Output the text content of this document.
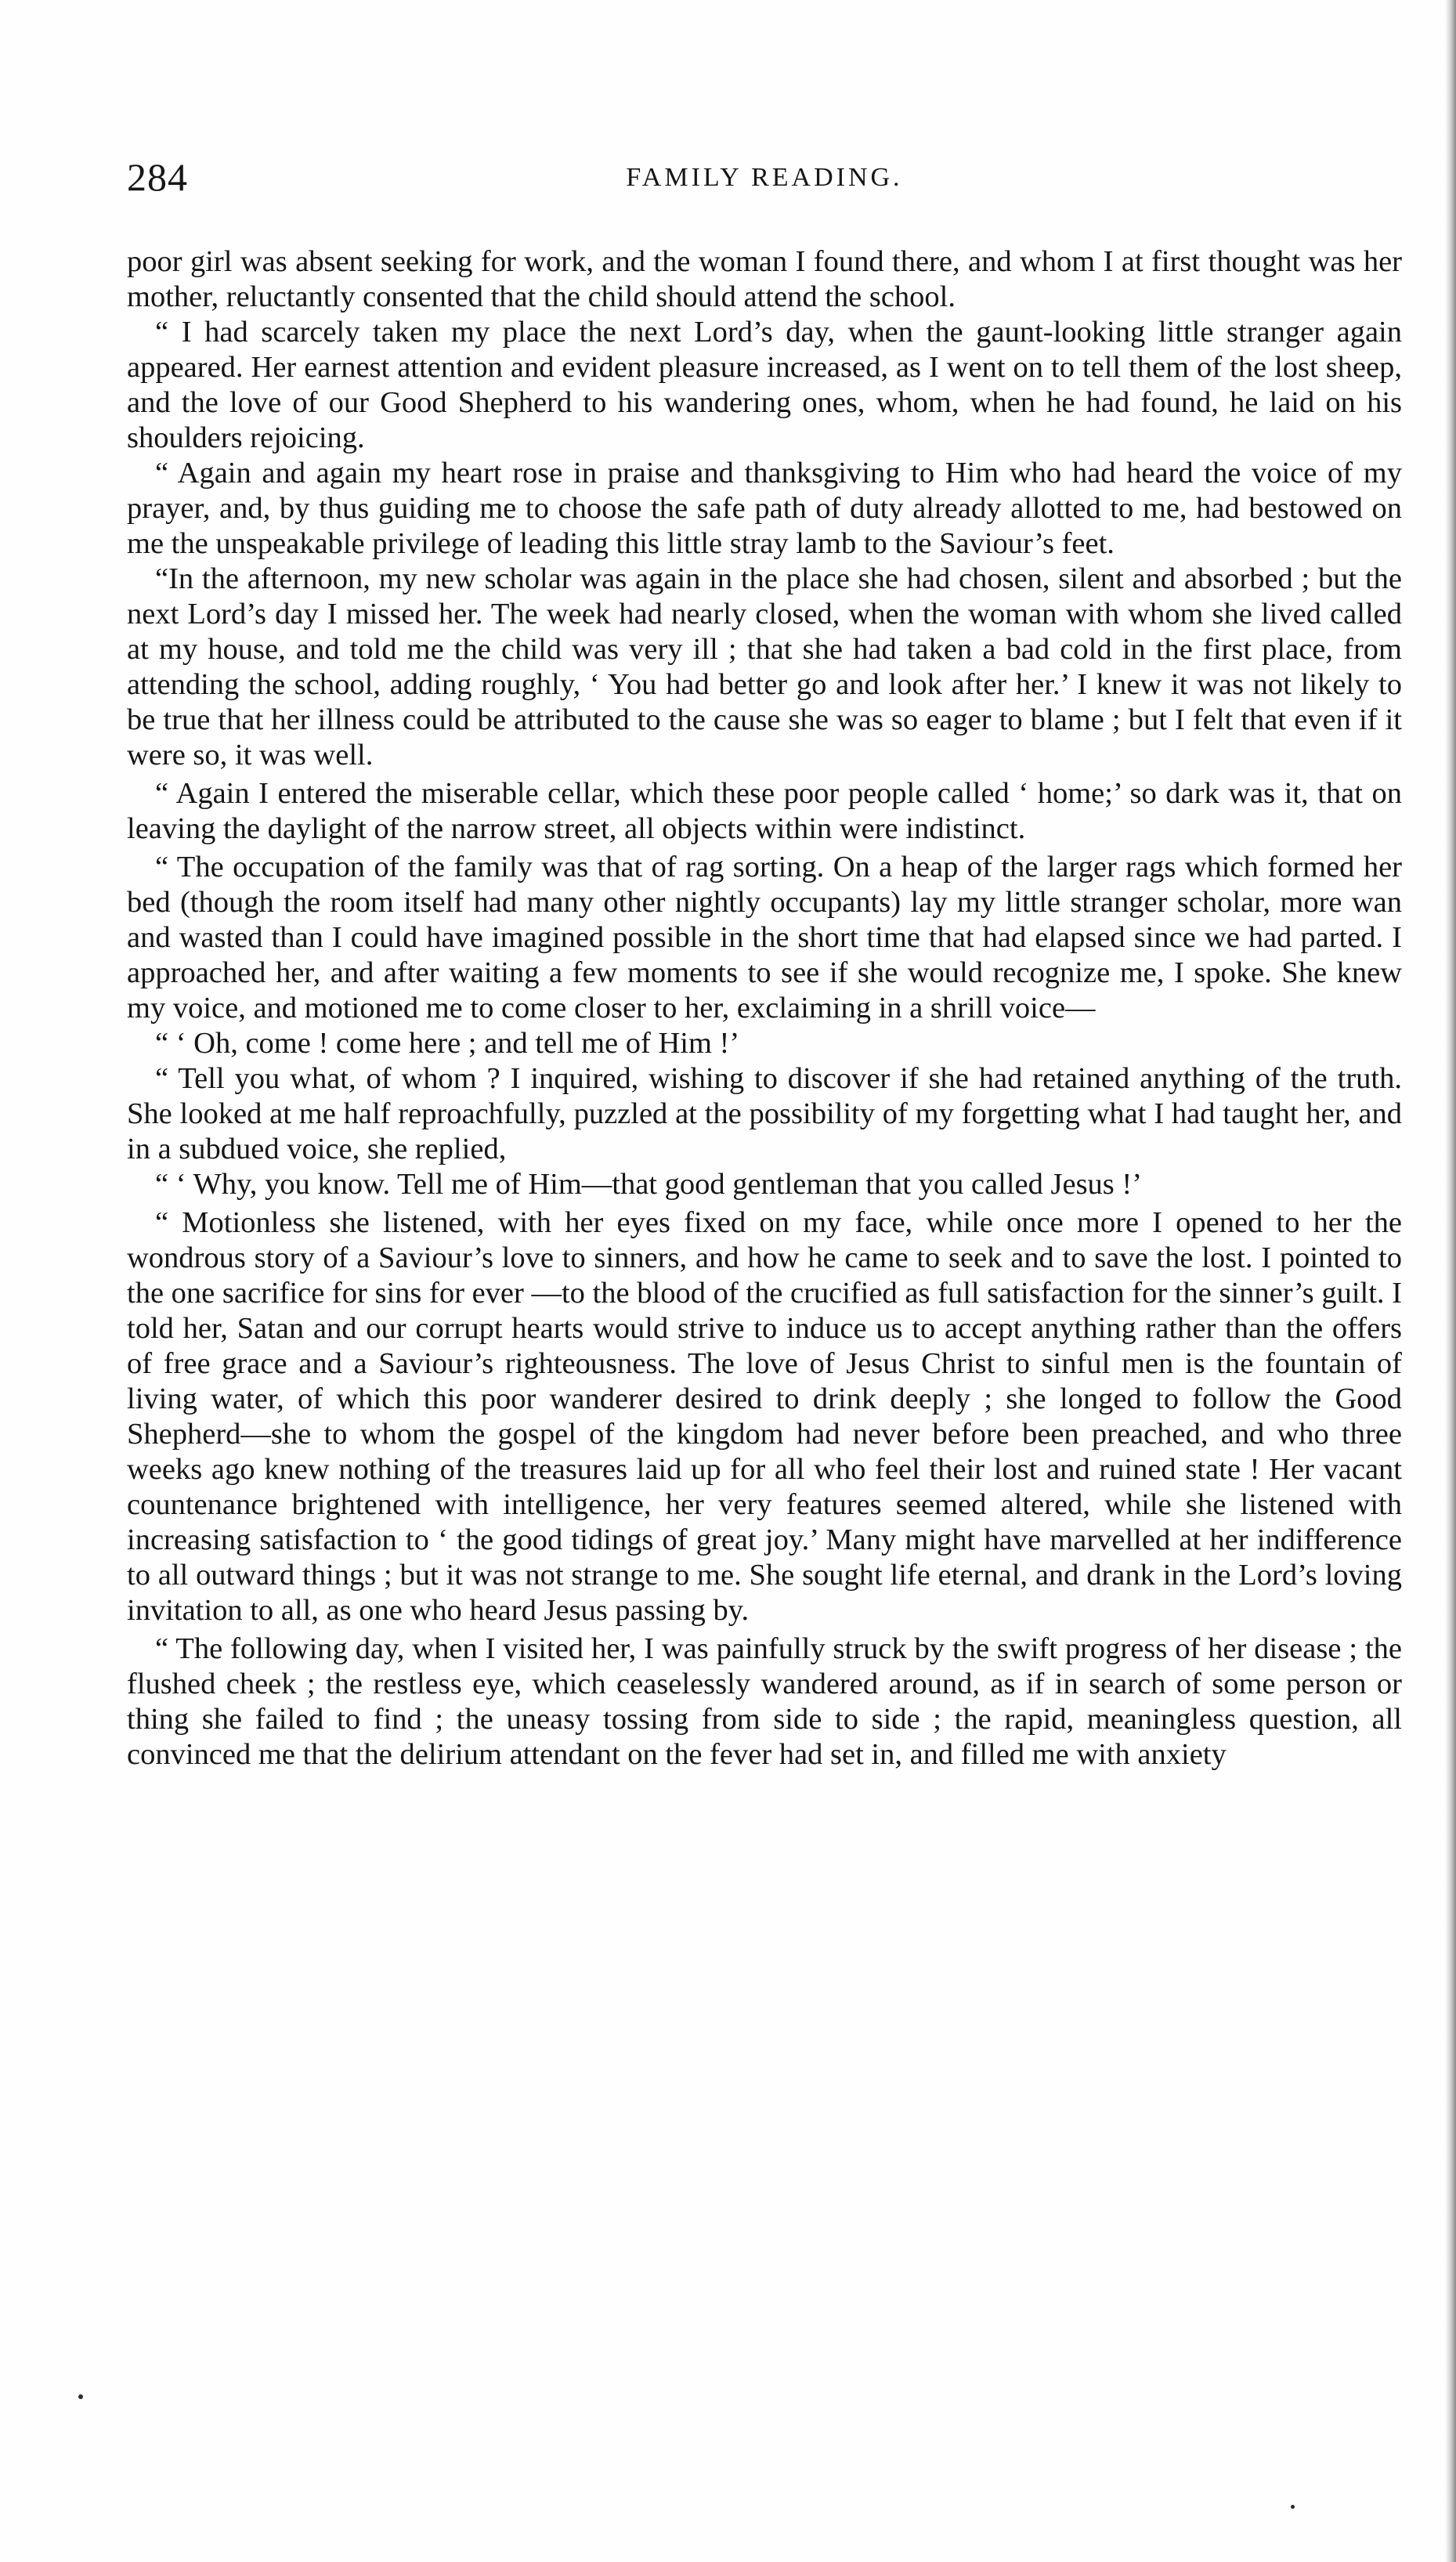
284	FAMILY READING.

poor girl was absent seeking for work, and the woman I found there, and whom I at first thought was her mother, reluctantly consented that the child should attend the school.

“ I had scarcely taken my place the next Lord’s day, when the gaunt-looking little stranger again appeared. Her earnest attention and evident pleasure increased, as I went on to tell them of the lost sheep, and the love of our Good Shepherd to his wandering ones, whom, when he had found, he laid on his shoulders rejoicing.

“ Again and again my heart rose in praise and thanksgiving to Him who had heard the voice of my prayer, and, by thus guiding me to choose the safe path of duty already allotted to me, had bestowed on me the unspeakable privilege of leading this little stray lamb to the Saviour’s feet.

“In the afternoon, my new scholar was again in the place she had chosen, silent and absorbed ; but the next Lord’s day I missed her. The week had nearly closed, when the woman with whom she lived called at my house, and told me the child was very ill ; that she had taken a bad cold in the first place, from attending the school, adding roughly, ‘ You had better go and look after her.’ I knew it was not likely to be true that her illness could be attributed to the cause she was so eager to blame ; but I felt that even if it were so, it was well.

“ Again I entered the miserable cellar, which these poor people called ‘ home;’ so dark was it, that on leaving the daylight of the narrow street, all objects within were indistinct.

“ The occupation of the family was that of rag sorting. On a heap of the larger rags which formed her bed (though the room itself had many other nightly occupants) lay my little stranger scholar, more wan and wasted than I could have imagined possible in the short time that had elapsed since we had parted. I approached her, and after waiting a few moments to see if she would recognize me, I spoke. She knew my voice, and motioned me to come closer to her, exclaiming in a shrill voice—

“ ‘ Oh, come ! come here ; and tell me of Him !’

“ Tell you what, of whom ? I inquired, wishing to discover if she had retained anything of the truth. She looked at me half reproachfully, puzzled at the possibility of my forgetting what I had taught her, and in a subdued voice, she replied,

“ ‘ Why, you know. Tell me of Him—that good gentleman that you called Jesus !’

“ Motionless she listened, with her eyes fixed on my face, while once more I opened to her the wondrous story of a Saviour’s love to sinners, and how he came to seek and to save the lost. I pointed to the one sacrifice for sins for ever —to the blood of the crucified as full satisfaction for the sinner’s guilt. I told her, Satan and our corrupt hearts would strive to induce us to accept anything rather than the offers of free grace and a Saviour’s righteousness. The love of Jesus Christ to sinful men is the fountain of living water, of which this poor wanderer desired to drink deeply ; she longed to follow the Good Shepherd—she to whom the gospel of the kingdom had never before been preached, and who three weeks ago knew nothing of the treasures laid up for all who feel their lost and ruined state ! Her vacant countenance brightened with intelligence, her very features seemed altered, while she listened with increasing satisfaction to ‘ the good tidings of great joy.’ Many might have marvelled at her indifference to all outward things ; but it was not strange to me. She sought life eternal, and drank in the Lord’s loving invitation to all, as one who heard Jesus passing by.

“ The following day, when I visited her, I was painfully struck by the swift progress of her disease ; the flushed cheek ; the restless eye, which ceaselessly wandered around, as if in search of some person or thing she failed to find ; the uneasy tossing from side to side ; the rapid, meaningless question, all convinced me that the delirium attendant on the fever had set in, and filled me with anxiety
